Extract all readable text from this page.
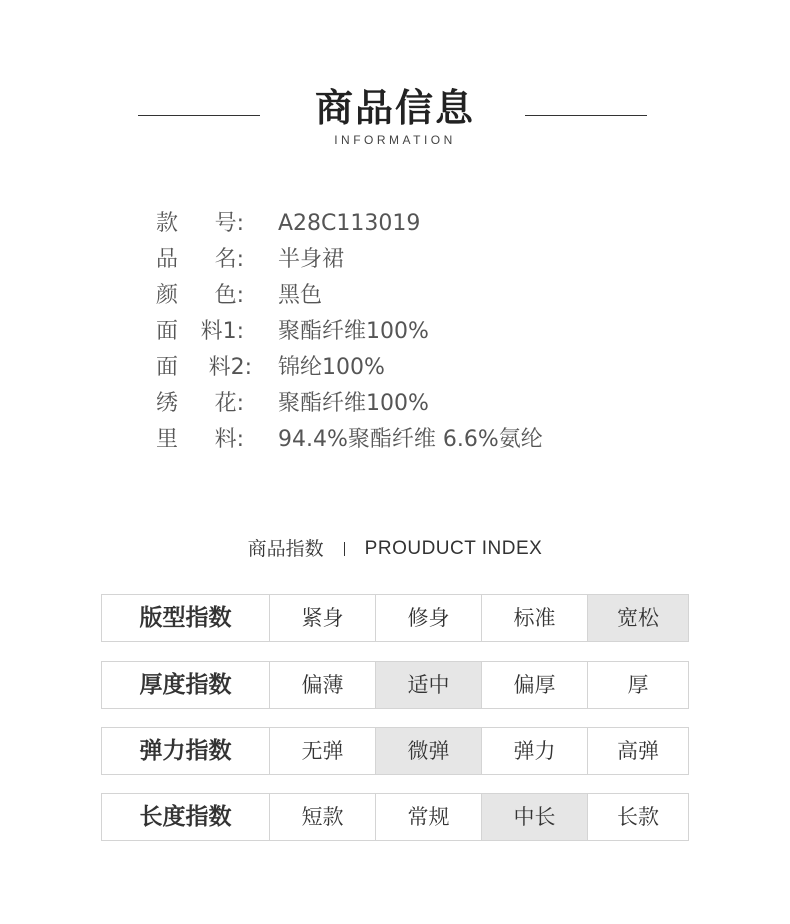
商品信息
INFORMATION
款 号: A28C113019
品 名: 半身裙
颜 色: 黑色
面 料1: 聚酯纤维100%
面 料2: 锦纶100%
绣 花: 聚酯纤维100%
里 料: 94.4%聚酯纤维 6.6%氨纶
商品指数 PROUDUCT INDEX
版型指数	紧身	修身	标准	宽松
厚度指数	偏薄	适中	偏厚	厚
弹力指数	无弹	微弹	弹力	高弹
长度指数	短款	常规	中长	长款
